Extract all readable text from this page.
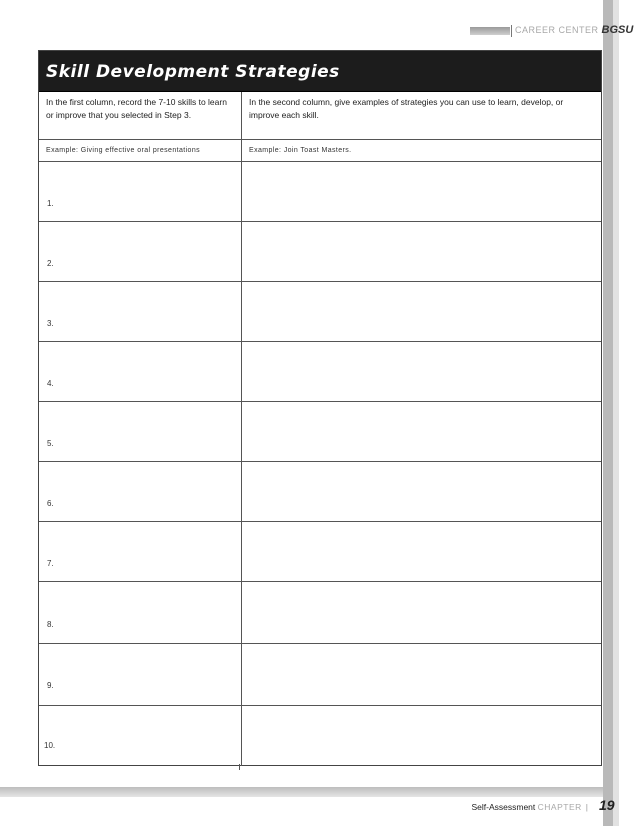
CAREER CENTER BGSU
Skill Development Strategies
In the first column, record the 7-10 skills to learn or improve that you selected in Step 3.
In the second column, give examples of strategies you can use to learn, develop, or improve each skill.
Example: Giving effective oral presentations	Example: Join Toast Masters.
1.
2.
3.
4.
5.
6.
7.
8.
9.
10.
Self-Assessment CHAPTER | 19
